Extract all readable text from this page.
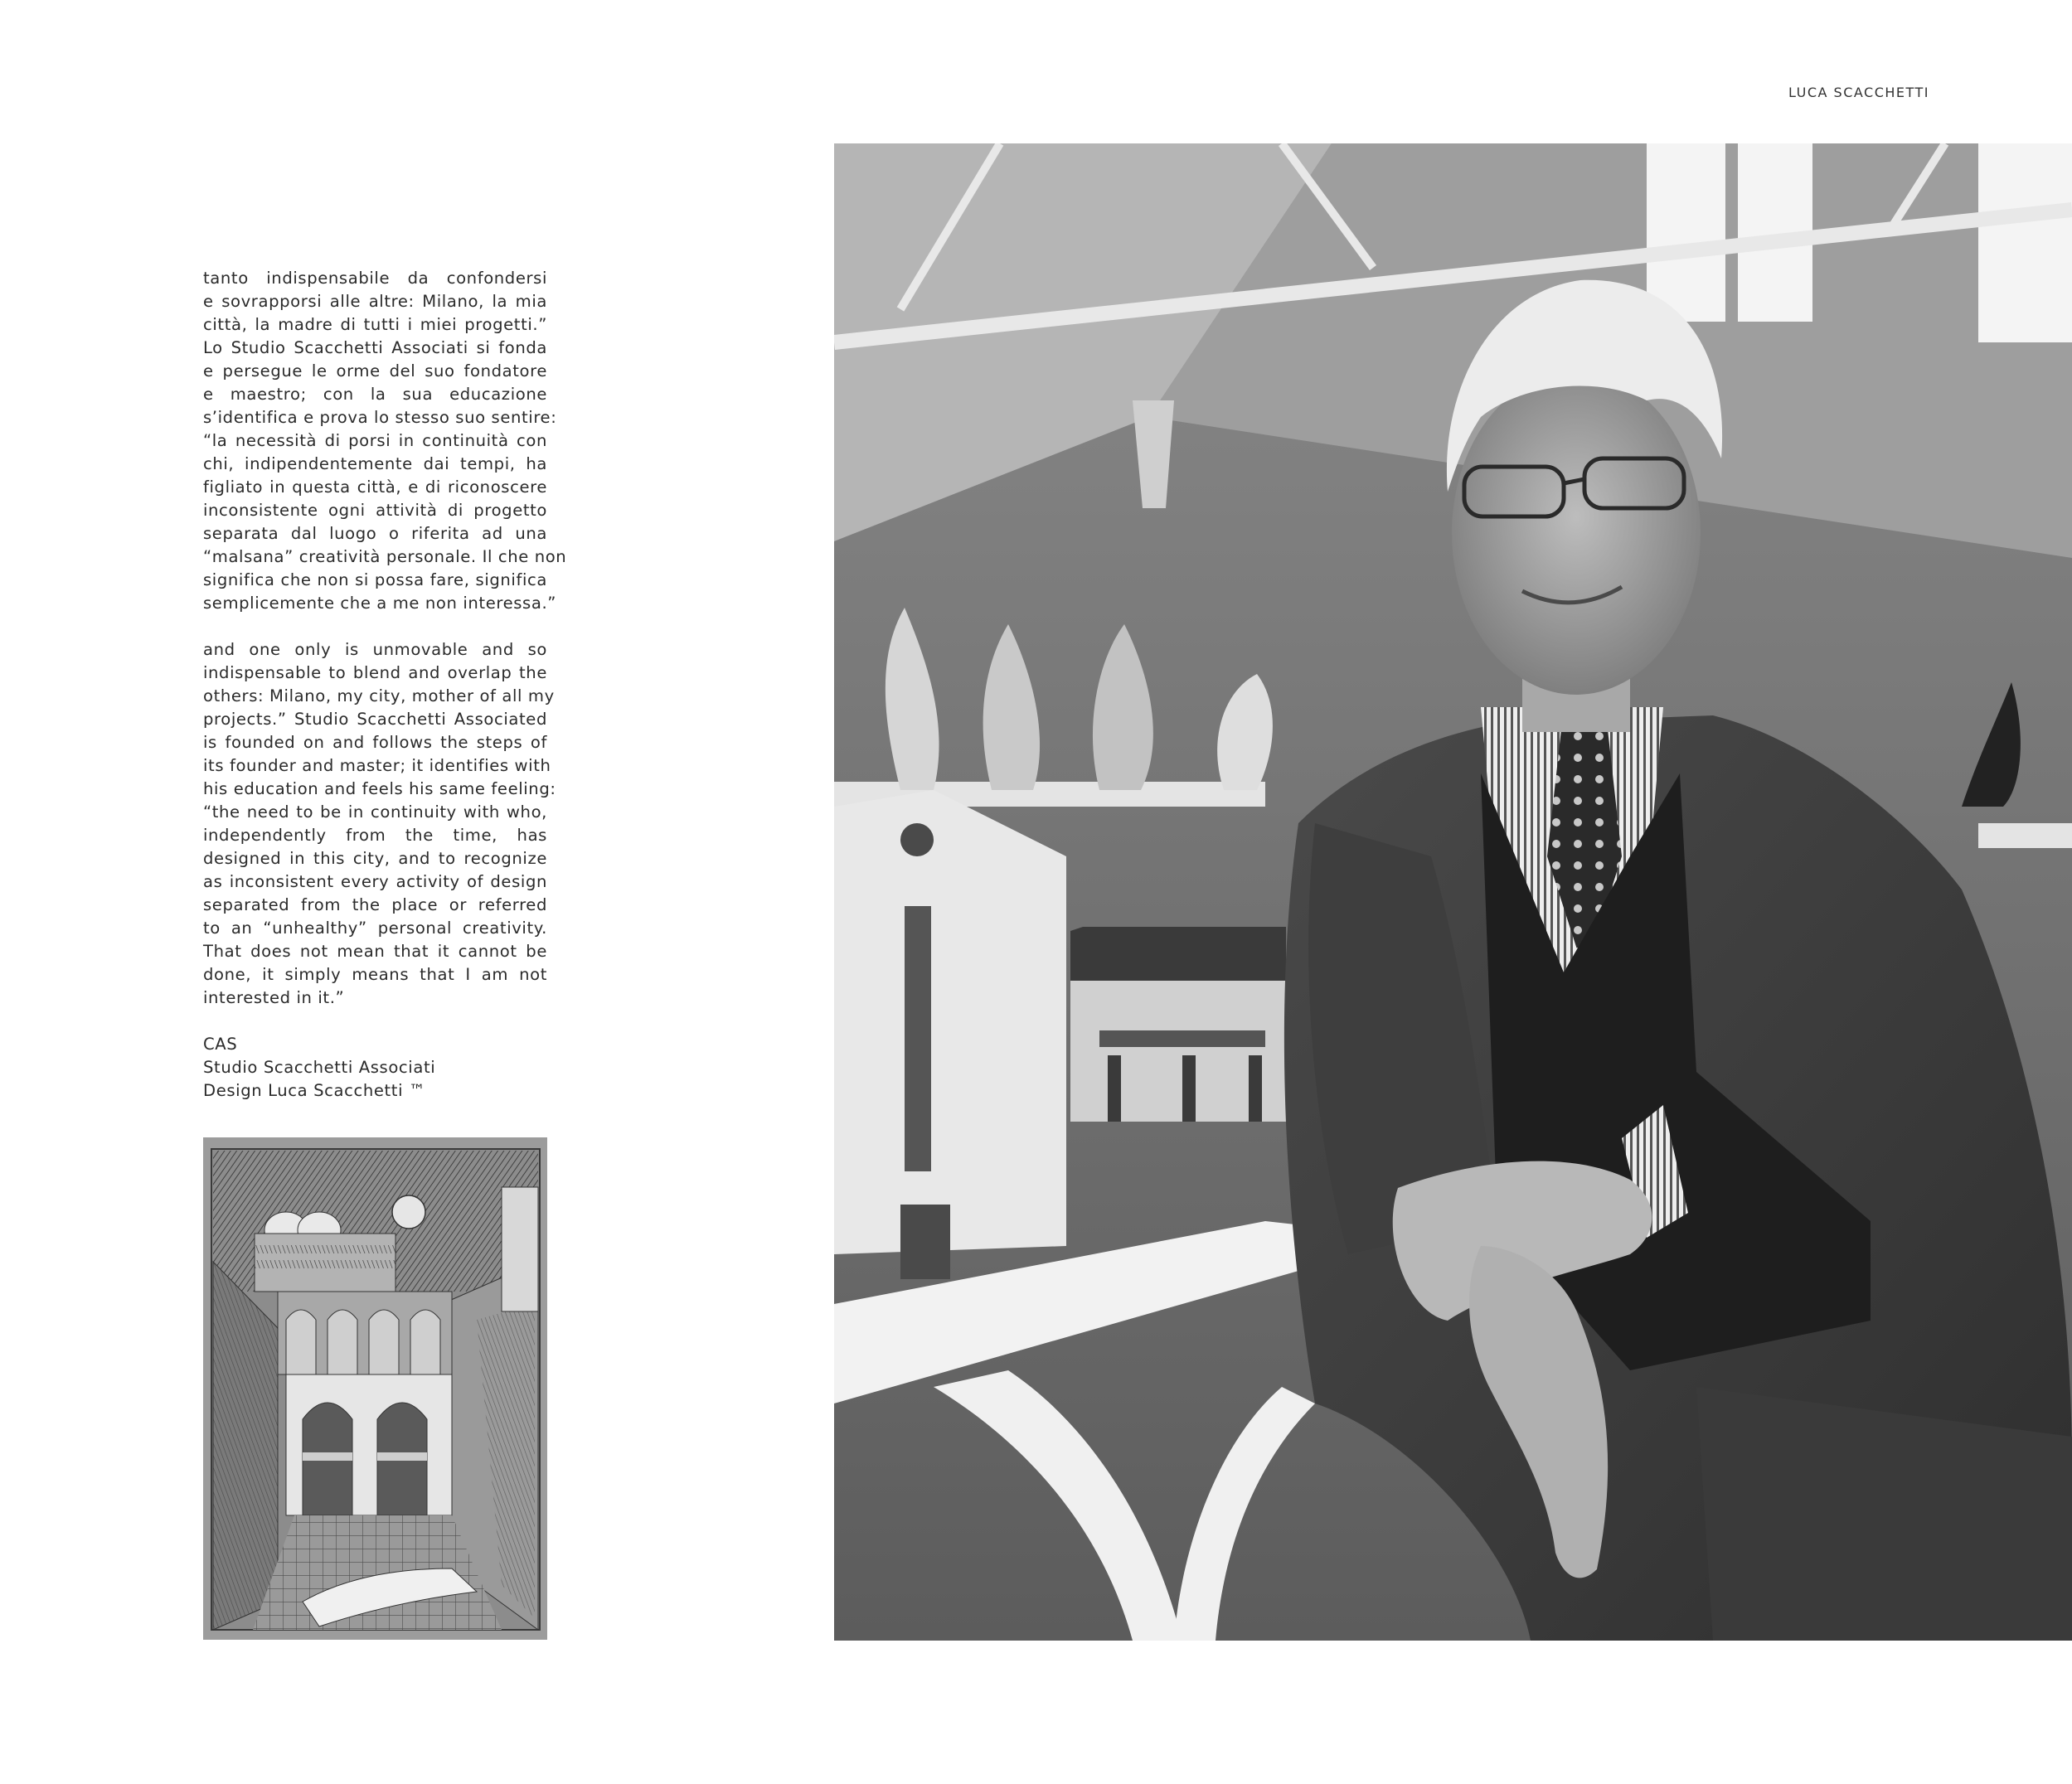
LUCA SCACCHETTI
tanto indispensabile da confondersi
e sovrapporsi alle altre: Milano, la mia
città, la madre di tutti i miei progetti.”
Lo Studio Scacchetti Associati si fonda
e persegue le orme del suo fondatore
e maestro; con la sua educazione
s’identifica e prova lo stesso suo sentire:
“la necessità di porsi in continuità con
chi, indipendentemente dai tempi, ha
figliato in questa città, e di riconoscere
inconsistente ogni attività di progetto
separata dal luogo o riferita ad una
“malsana” creatività personale. Il che non
significa che non si possa fare, significa
semplicemente che a me non interessa.”
and one only is unmovable and so
indispensable to blend and overlap the
others: Milano, my city, mother of all my
projects.” Studio Scacchetti Associated
is founded on and follows the steps of
its founder and master; it identifies with
his education and feels his same feeling:
“the need to be in continuity with who,
independently from the time, has
designed in this city, and to recognize
as inconsistent every activity of design
separated from the place or referred
to an “unhealthy” personal creativity.
That does not mean that it cannot be
done, it simply means that I am not
interested in it.”
CAS
Studio Scacchetti Associati
Design Luca Scacchetti ™
